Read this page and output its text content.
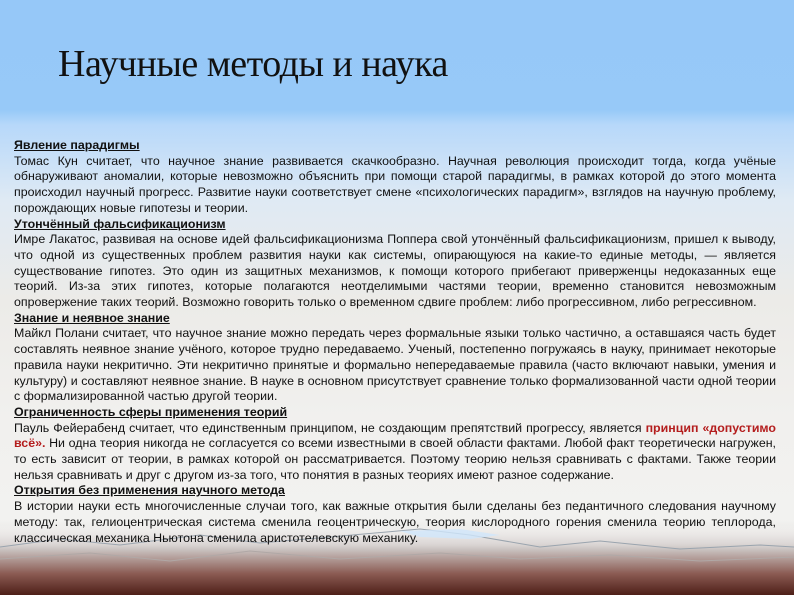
Научные методы и наука

Явление парадигмы
Томас Кун считает, что научное знание развивается скачкообразно. Научная революция происходит тогда, когда учёные обнаруживают аномалии, которые невозможно объяснить при помощи старой парадигмы, в рамках которой до этого момента происходил научный прогресс. Развитие науки соответствует смене «психологических парадигм», взглядов на научную проблему, порождающих новые гипотезы и теории.

Утончённый фальсификационизм
Имре Лакатос, развивая на основе идей фальсификационизма Поппера свой утончённый фальсификационизм, пришел к выводу, что одной из существенных проблем развития науки как системы, опирающуюся на какие-то единые методы, — является существование гипотез. Это один из защитных механизмов, к помощи которого прибегают приверженцы недоказанных еще теорий. Из-за этих гипотез, которые полагаются неотделимыми частями теории, временно становится невозможным опровержение таких теорий. Возможно говорить только о временном сдвиге проблем: либо прогрессивном, либо регрессивном.

Знание и неявное знание
Майкл Полани считает, что научное знание можно передать через формальные языки только частично, а оставшаяся часть будет составлять неявное знание учёного, которое трудно передаваемо. Ученый, постепенно погружаясь в науку, принимает некоторые правила науки некритично. Эти некритично принятые и формально непередаваемые правила (часто включают навыки, умения и культуру) и составляют неявное знание. В науке в основном присутствует сравнение только формализованной части одной теории с формализированной частью другой теории.

Ограниченность сферы применения теорий
Пауль Фейерабенд считает, что единственным принципом, не создающим препятствий прогрессу, является принцип «допустимо всё». Ни одна теория никогда не согласуется со всеми известными в своей области фактами. Любой факт теоретически нагружен, то есть зависит от теории, в рамках которой он рассматривается. Поэтому теорию нельзя сравнивать с фактами. Также теории нельзя сравнивать и друг с другом из-за того, что понятия в разных теориях имеют разное содержание.

Открытия без применения научного метода
В истории науки есть многочисленные случаи того, как важные открытия были сделаны без педантичного следования научному методу: так, гелиоцентрическая система сменила геоцентрическую, теория кислородного горения сменила теорию теплорода, классическая механика Ньютона сменила аристотелевскую механику.
